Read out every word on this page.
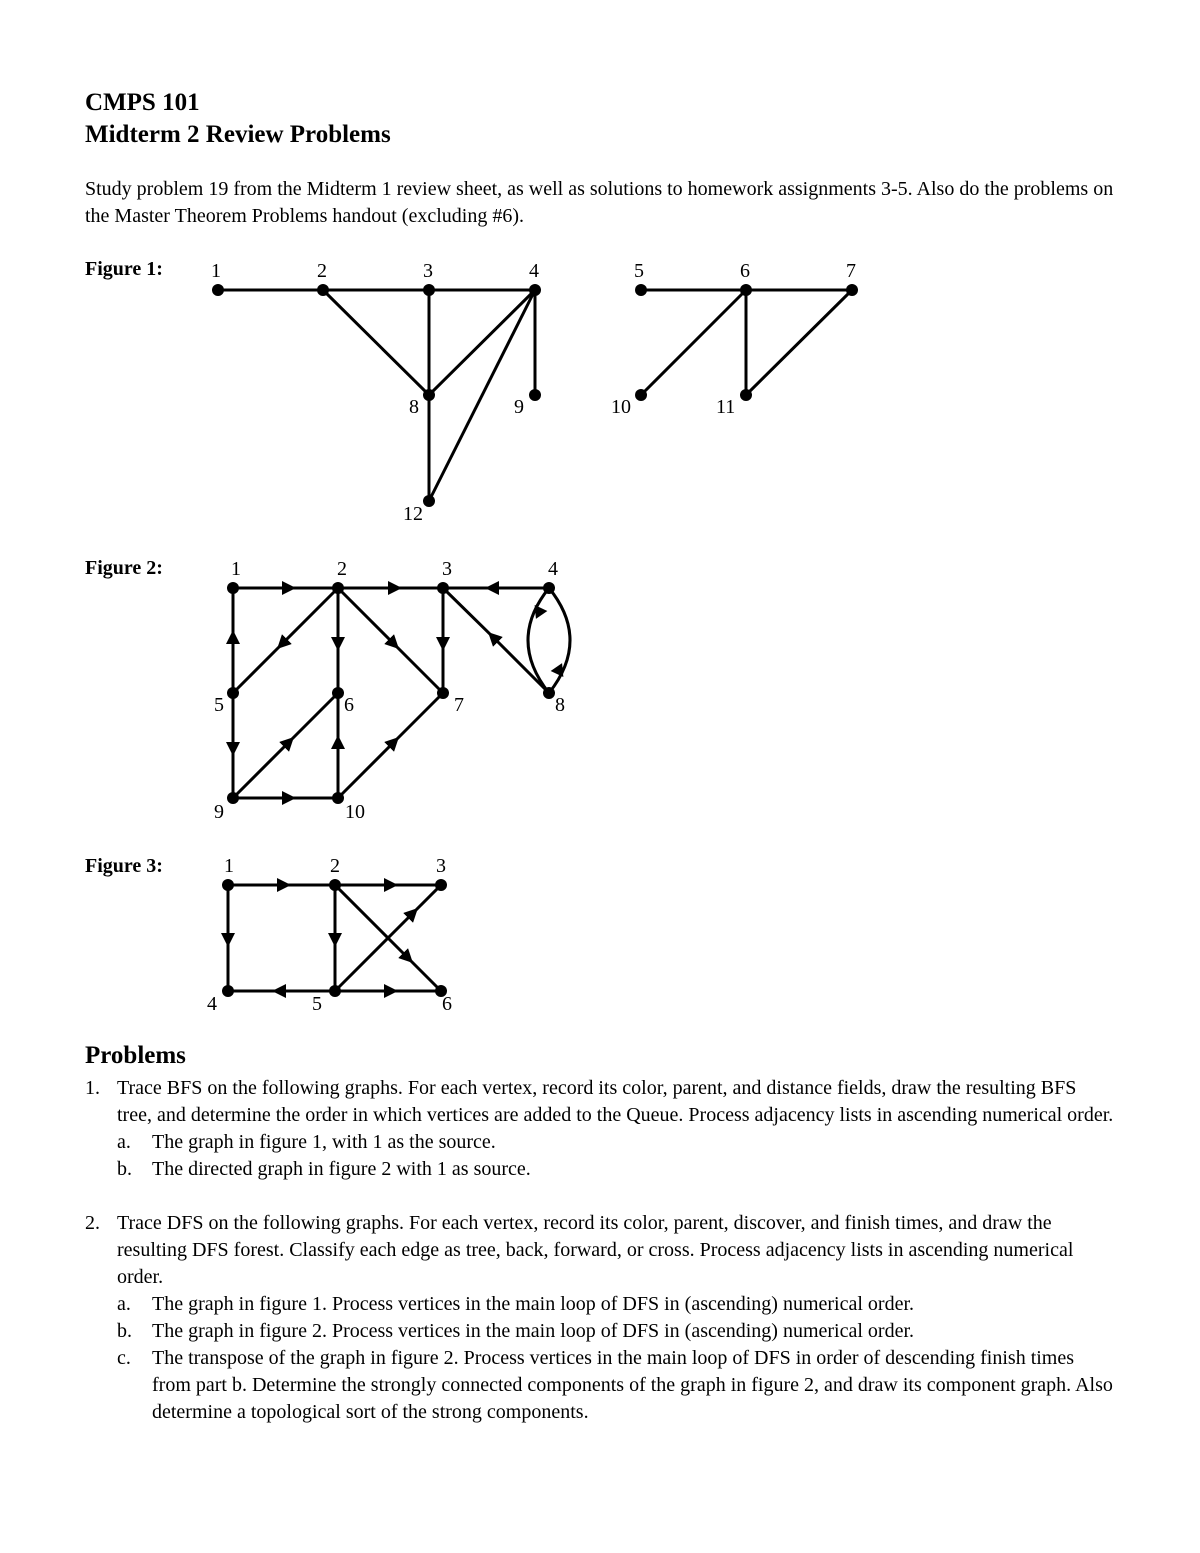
CMPS 101
Midterm 2 Review Problems
Study problem 19 from the Midterm 1 review sheet, as well as solutions to homework assignments 3-5. Also do the problems on the Master Theorem Problems handout (excluding #6).
Figure 1:
Figure 2:
Figure 3:
1	2	3	4	5	6	7
8	9	10	11
12
1	2	3	4
5	6	7	8
9	10
1	2	3
4	5	6
Problems
1. Trace BFS on the following graphs. For each vertex, record its color, parent, and distance fields, draw the resulting BFS tree, and determine the order in which vertices are added to the Queue. Process adjacency lists in ascending numerical order.
a. The graph in figure 1, with 1 as the source.
b. The directed graph in figure 2 with 1 as source.
2. Trace DFS on the following graphs. For each vertex, record its color, parent, discover, and finish times, and draw the resulting DFS forest. Classify each edge as tree, back, forward, or cross. Process adjacency lists in ascending numerical order.
a. The graph in figure 1. Process vertices in the main loop of DFS in (ascending) numerical order.
b. The graph in figure 2. Process vertices in the main loop of DFS in (ascending) numerical order.
c. The transpose of the graph in figure 2. Process vertices in the main loop of DFS in order of descending finish times from part b. Determine the strongly connected components of the graph in figure 2, and draw its component graph. Also determine a topological sort of the strong components.
